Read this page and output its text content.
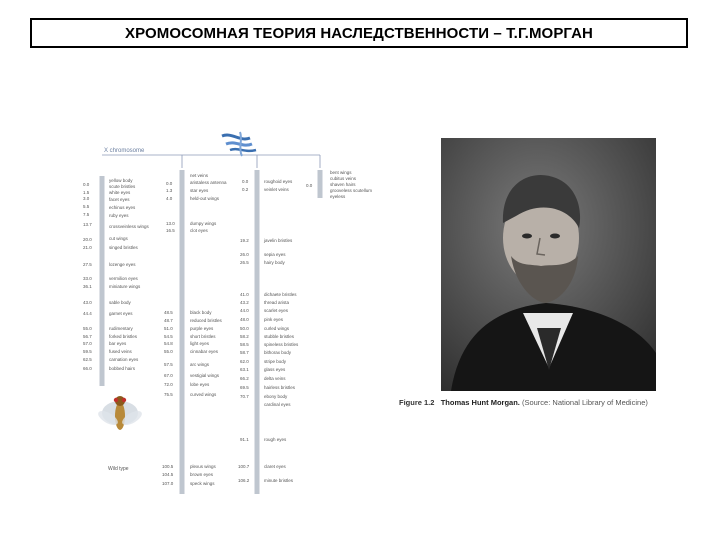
ХРОМОСОМНАЯ ТЕОРИЯ НАСЛЕДСТВЕННОСТИ – Т.Г.МОРГАН
X chromosome
0.0
1.5
3.0
5.5
7.5
13.7
20.0
21.0
27.5
33.0
36.1
43.0
44.4
55.0
56.7
57.0
59.5
62.5
66.0
yellow body
scute bristles
white eyes
facet eyes
echinus eyes
ruby eyes
crossveinless wings
cut wings
singed bristles
lozenge eyes
vermilion eyes
miniature wings
sable body
garnet eyes
rudimentary
forked bristles
bar eyes
fused veins
carnation eyes
bobbed hairs
Wild type
0.0
1.3
4.0
13.0
16.5
net veins
aristaless antenna
star eyes
held-out wings
dumpy wings
clot eyes
48.5
48.7
51.0
54.5
54.8
55.0
57.5
67.0
72.0
75.5
black body
reduced bristles
purple eyes
short bristles
light eyes
cinnabar eyes
arc wings
vestigial wings
lobe eyes
curved wings
100.5
104.5
107.0
plexus wings
brown eyes
speck wings
0.0
0.2
roughoid eyes
veinlet veins
19.2
26.0
26.5
41.0
43.2
44.0
48.0
50.0
58.2
58.5
58.7
62.0
63.1
66.2
69.5
70.7
javelin bristles
sepia eyes
hairy body
dichaete bristles
thread arista
scarlet eyes
pink eyes
curled wings
stubble bristles
spineless bristles
bithorax body
stripe body
glass eyes
delta veins
hairless bristles
ebony body
cardinal eyes
91.1
100.7
106.2
rough eyes
claret eyes
minute bristles
0.0
bent wings
cubitus veins
shaven hairs
grooveless scutellum
eyeless
Figure 1.2 Thomas Hunt Morgan. (Source: National Library of Medicine)
